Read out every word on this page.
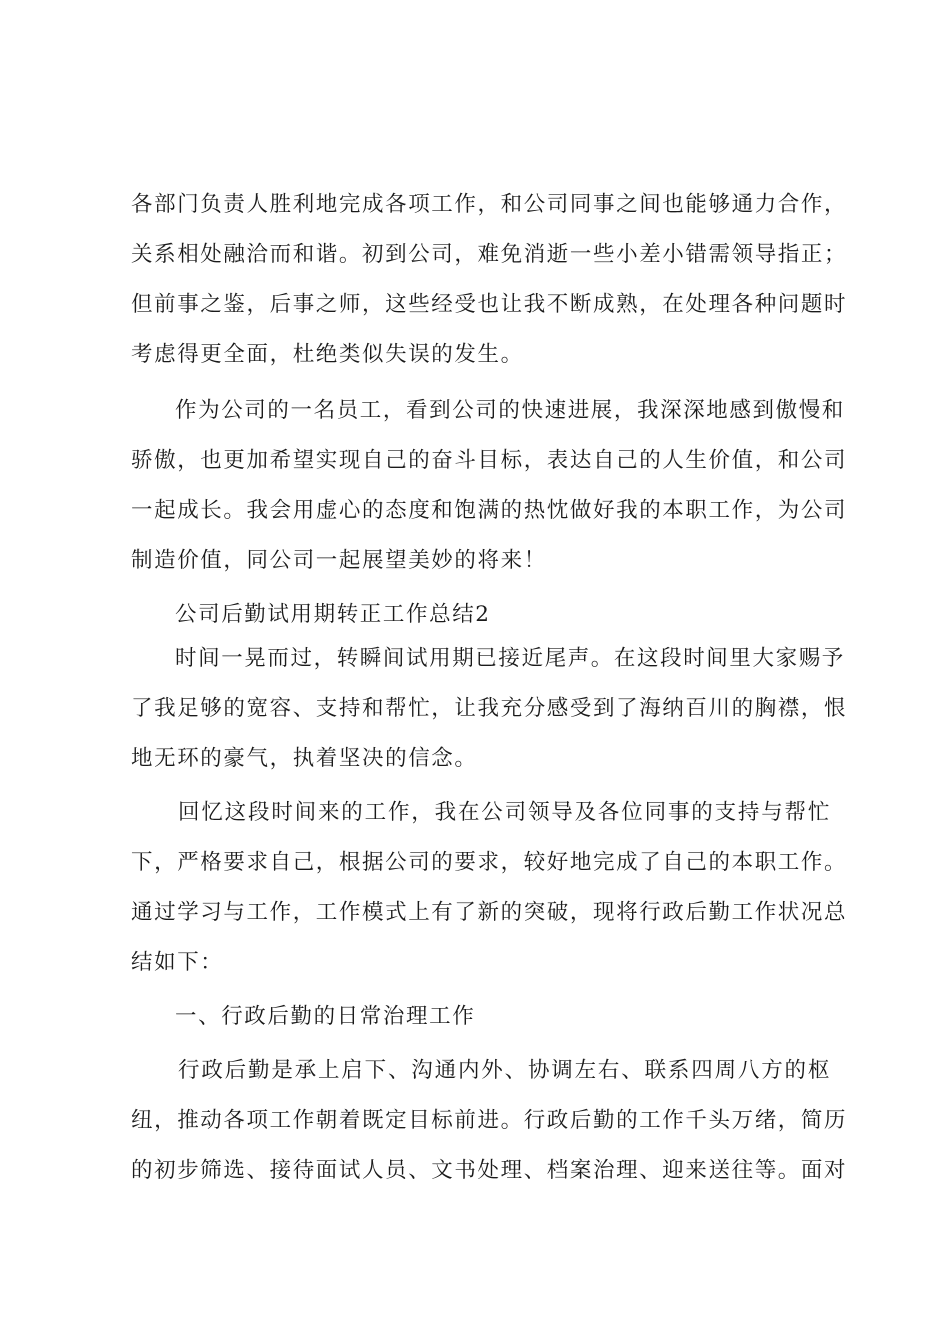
各部门负责人胜利地完成各项工作，和公司同事之间也能够通力合作，
关系相处融洽而和谐。初到公司，难免消逝一些小差小错需领导指正；
但前事之鉴，后事之师，这些经受也让我不断成熟，在处理各种问题时
考虑得更全面，杜绝类似失误的发生。
作为公司的一名员工，看到公司的快速进展，我深深地感到傲慢和
骄傲，也更加希望实现自己的奋斗目标，表达自己的人生价值，和公司
一起成长。我会用虚心的态度和饱满的热忱做好我的本职工作，为公司
制造价值，同公司一起展望美妙的将来！
公司后勤试用期转正工作总结2
时间一晃而过，转瞬间试用期已接近尾声。在这段时间里大家赐予
了我足够的宽容、支持和帮忙，让我充分感受到了海纳百川的胸襟，恨
地无环的豪气，执着坚决的信念。
回忆这段时间来的工作，我在公司领导及各位同事的支持与帮忙
下，严格要求自己，根据公司的要求，较好地完成了自己的本职工作。
通过学习与工作，工作模式上有了新的突破，现将行政后勤工作状况总
结如下：
一、行政后勤的日常治理工作
行政后勤是承上启下、沟通内外、协调左右、联系四周八方的枢
纽，推动各项工作朝着既定目标前进。行政后勤的工作千头万绪，简历
的初步筛选、接待面试人员、文书处理、档案治理、迎来送往等。面对
